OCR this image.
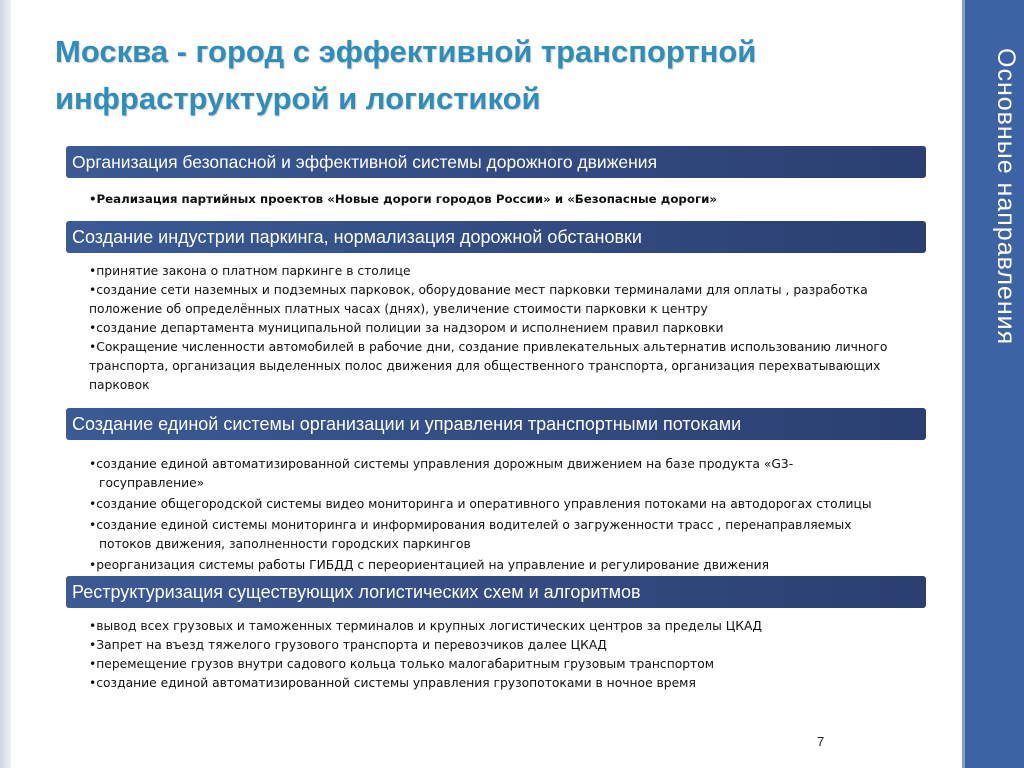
Основные направления
Москва - город с эффективной транспортной инфраструктурой и логистикой
Организация безопасной и эффективной системы дорожного движения
•Реализация партийных проектов «Новые дороги городов России» и «Безопасные дороги»
Создание индустрии паркинга, нормализация дорожной обстановки
•принятие закона о платном паркинге в столице
•создание сети наземных и подземных парковок, оборудование мест парковки терминалами для оплаты , разработка положение об определённых платных часах (днях), увеличение стоимости парковки к центру
•создание департамента муниципальной полиции за надзором и исполнением правил парковки
•Сокращение численности автомобилей в рабочие дни, создание привлекательных альтернатив использованию личного транспорта, организация выделенных полос движения для общественного транспорта, организация перехватывающих парковок
Создание единой системы организации и управления транспортными потоками
•создание единой автоматизированной системы управления дорожным движением на базе продукта «G3-
госуправление»
•создание общегородской системы видео мониторинга и оперативного управления потоками на автодорогах столицы
•создание единой системы мониторинга и информирования водителей о загруженности трасс , перенаправляемых
потоков движения, заполненности городских паркингов
•реорганизация системы работы ГИБДД с переориентацией на управление и регулирование движения
Реструктуризация существующих логистических схем и алгоритмов
•вывод всех грузовых и таможенных терминалов и крупных логистических центров за пределы ЦКАД
•Запрет на въезд тяжелого грузового транспорта и перевозчиков далее ЦКАД
•перемещение грузов внутри садового кольца только малогабаритным грузовым транспортом
•создание единой автоматизированной системы управления грузопотоками в ночное время
7
